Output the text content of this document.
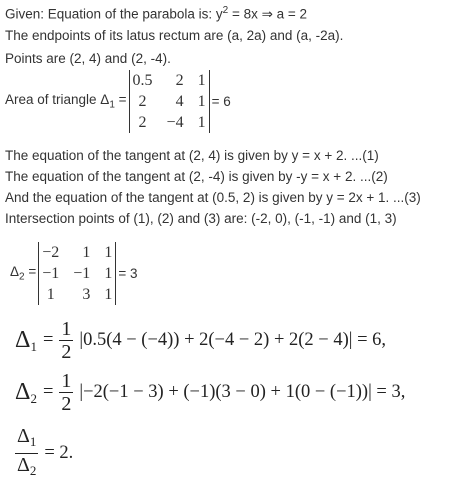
Given: Equation of the parabola is: $y^2 = 8x$ ⇒ a = 2
The endpoints of its latus rectum are (a, 2a) and (a, -2a).
Points are (2, 4) and (2, -4).
Area of triangle $\Delta_1$ =
0.5	2	1
2	4	1
2	−4	1
= 6
The equation of the tangent at (2, 4) is given by y = x + 2. ...(1)
The equation of the tangent at (2, -4) is given by -y = x + 2. ...(2)
And the equation of the tangent at (0.5, 2) is given by y = 2x + 1. ...(3)
Intersection points of (1), (2) and (3) are: (-2, 0), (-1, -1) and (1, 3)
$\Delta_2$ =
−2	1	1
−1	−1	1
1	3	1
= 3
$\Delta 1 = \frac{1}{2} |0.5(4 - (-4)) + 2(-4 - 2) + 2(2 - 4)| = 6$,
$\Delta 2 = \frac{1}{2} |-2(-1 - 3) + (-1)(3 - 0) + 1(0 - (-1))| = 3$,
$\frac{\Delta_1}{\Delta_2} = 2$.
